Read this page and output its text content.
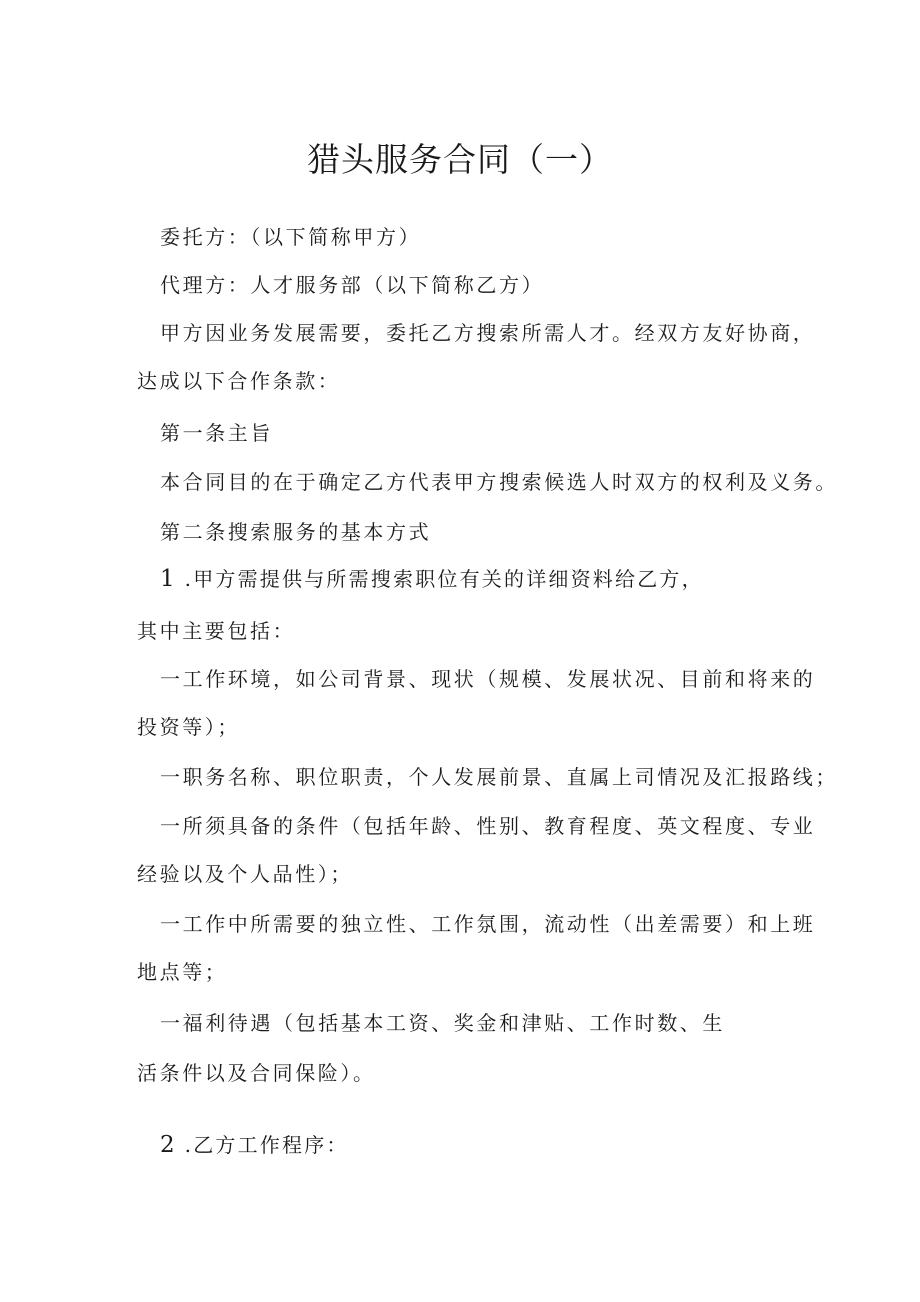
猎头服务合同（一）

委托方：（以下简称甲方）

代理方：人才服务部（以下简称乙方）

甲方因业务发展需要，委托乙方搜索所需人才。经双方友好协商，

达成以下合作条款：

第一条主旨

本合同目的在于确定乙方代表甲方搜索候选人时双方的权利及义务。

第二条搜索服务的基本方式

1 .甲方需提供与所需搜索职位有关的详细资料给乙方，

其中主要包括：

一工作环境，如公司背景、现状（规模、发展状况、目前和将来的

投资等）；

一职务名称、职位职责，个人发展前景、直属上司情况及汇报路线；

一所须具备的条件（包括年龄、性别、教育程度、英文程度、专业

经验以及个人品性）；

一工作中所需要的独立性、工作氛围，流动性（出差需要）和上班

地点等；

一福利待遇（包括基本工资、奖金和津贴、工作时数、生

活条件以及合同保险）。

2 .乙方工作程序：
